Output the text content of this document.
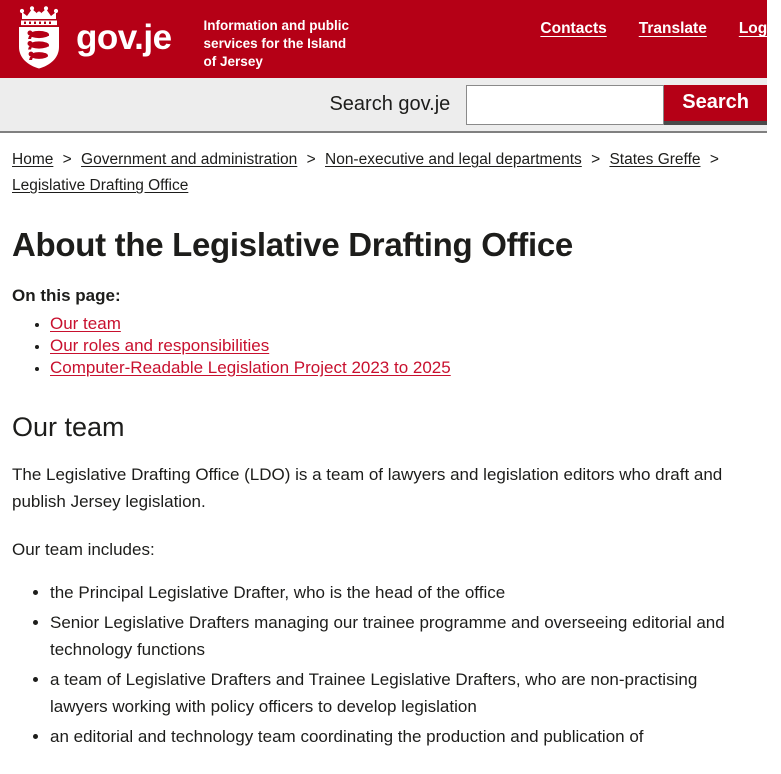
gov.je Information and public
services for the Island
of Jersey
Contacts Translate Login
Search gov.je	Search
Home > Government and administration > Non-executive and legal departments > States Greffe > Legislative Drafting Office
About the Legislative Drafting Office
On this page:
• Our team
• Our roles and responsibilities
• Computer-Readable Legislation Project 2023 to 2025
Our team

The Legislative Drafting Office (LDO) is a team of lawyers and legislation editors who draft and publish Jersey legislation.

Our team includes:

• the Principal Legislative Drafter, who is the head of the office
• Senior Legislative Drafters managing our trainee programme and overseeing editorial and technology functions
• a team of Legislative Drafters and Trainee Legislative Drafters, who are non-practising lawyers working with policy officers to develop legislation
• an editorial and technology team coordinating the production and publication of
